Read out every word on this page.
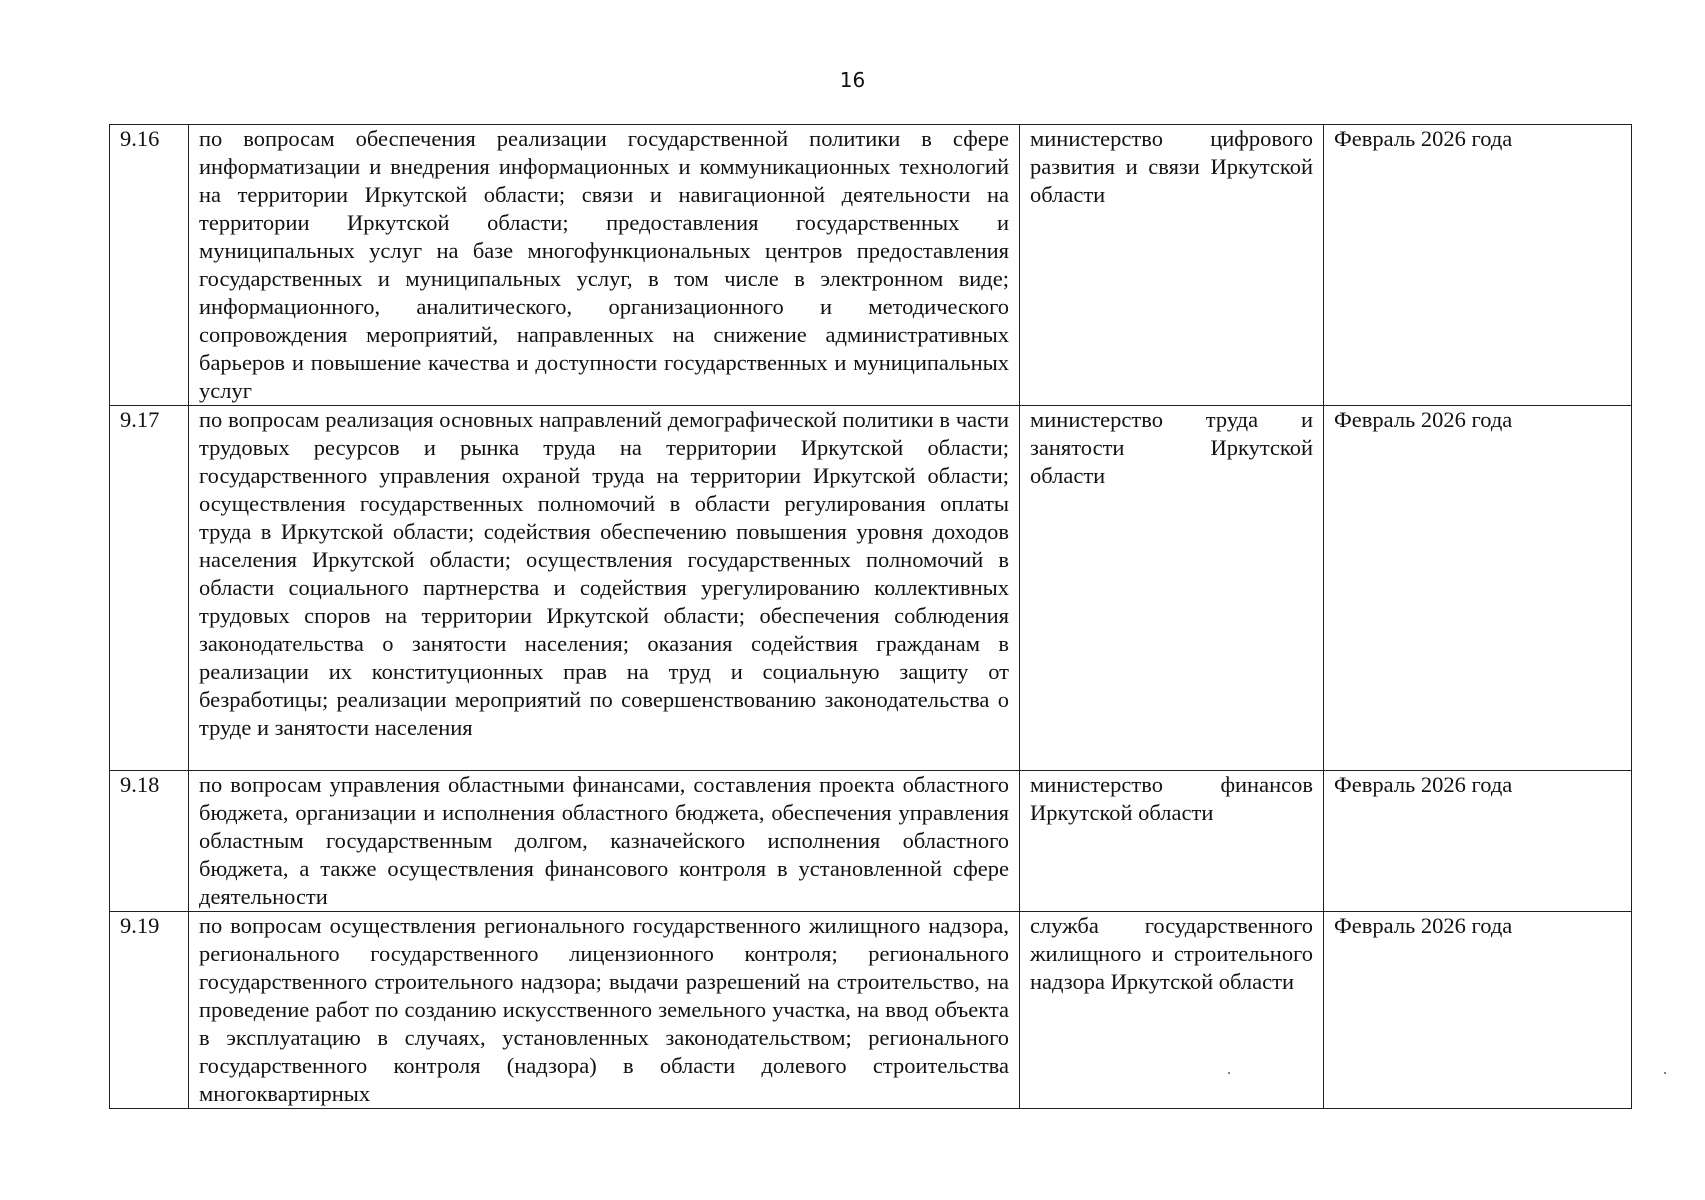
16
9.16	по вопросам обеспечения реализации государственной политики в сфере информатизации и внедрения информационных и коммуникационных технологий на территории Иркутской области; связи и навигационной деятельности на территории Иркутской области; предоставления государственных и муниципальных услуг на базе многофункциональных центров предоставления государственных и муниципальных услуг, в том числе в электронном виде; информационного, аналитического, организационного и методического сопровождения мероприятий, направленных на снижение административных барьеров и повышение качества и доступности государственных и муниципальных услуг	министерство цифрового развития и связи Иркутской области	Февраль 2026 года
9.17	по вопросам реализация основных направлений демографической политики в части трудовых ресурсов и рынка труда на территории Иркутской области; государственного управления охраной труда на территории Иркутской области; осуществления государственных полномочий в области регулирования оплаты труда в Иркутской области; содействия обеспечению повышения уровня доходов населения Иркутской области; осуществления государственных полномочий в области социального партнерства и содействия урегулированию коллективных трудовых споров на территории Иркутской области; обеспечения соблюдения законодательства о занятости населения; оказания содействия гражданам в реализации их конституционных прав на труд и социальную защиту от безработицы; реализации мероприятий по совершенствованию законодательства о труде и занятости населения	министерство труда и занятости Иркутской области	Февраль 2026 года
9.18	по вопросам управления областными финансами, составления проекта областного бюджета, организации и исполнения областного бюджета, обеспечения управления областным государственным долгом, казначейского исполнения областного бюджета, а также осуществления финансового контроля в установленной сфере деятельности	министерство финансов Иркутской области	Февраль 2026 года
9.19	по вопросам осуществления регионального государственного жилищного надзора, регионального государственного лицензионного контроля; регионального государственного строительного надзора; выдачи разрешений на строительство, на проведение работ по созданию искусственного земельного участка, на ввод объекта в эксплуатацию в случаях, установленных законодательством; регионального государственного контроля (надзора) в области долевого строительства многоквартирных	служба государственного жилищного и строительного надзора Иркутской области	Февраль 2026 года
